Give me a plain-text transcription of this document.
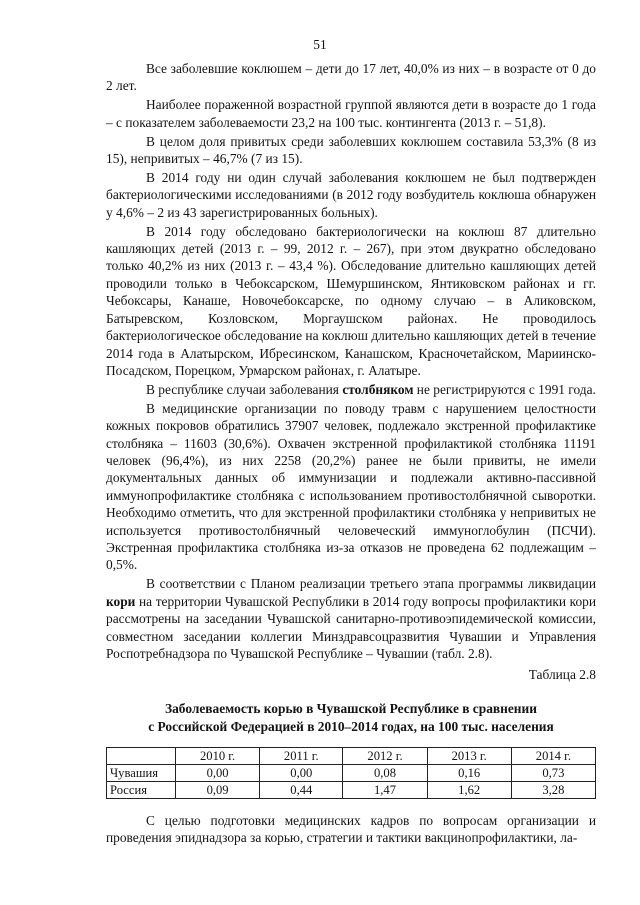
51

Все заболевшие коклюшем – дети до 17 лет, 40,0% из них – в возрасте от 0 до 2 лет.

Наиболее пораженной возрастной группой являются дети в возрасте до 1 года – с показателем заболеваемости 23,2 на 100 тыс. контингента (2013 г. – 51,8).

В целом доля привитых среди заболевших коклюшем составила 53,3% (8 из 15), непривитых – 46,7% (7 из 15).

В 2014 году ни один случай заболевания коклюшем не был подтвержден бактериологическими исследованиями (в 2012 году возбудитель коклюша обнаружен у 4,6% – 2 из 43 зарегистрированных больных).

В 2014 году обследовано бактериологически на коклюш 87 длительно кашляющих детей (2013 г. – 99, 2012 г. – 267), при этом двукратно обследовано только 40,2% из них (2013 г. – 43,4 %). Обследование длительно кашляющих детей проводили только в Чебоксарском, Шемуршинском, Янтиковском районах и гг. Чебоксары, Канаше, Новочебоксарске, по одному случаю – в Аликовском, Батыревском, Козловском, Моргаушском районах. Не проводилось бактериологическое обследование на коклюш длительно кашляющих детей в течение 2014 года в Алатырском, Ибресинском, Канашском, Красночетайском, Мариинско-Посадском, Порецком, Урмарском районах, г. Алатыре.

В республике случаи заболевания столбняком не регистрируются с 1991 года.

В медицинские организации по поводу травм с нарушением целостности кожных покровов обратились 37907 человек, подлежало экстренной профилактике столбняка – 11603 (30,6%). Охвачен экстренной профилактикой столбняка 11191 человек (96,4%), из них 2258 (20,2%) ранее не были привиты, не имели документальных данных об иммунизации и подлежали активно-пассивной иммунопрофилактике столбняка с использованием противостолбнячной сыворотки. Необходимо отметить, что для экстренной профилактики столбняка у непривитых не используется противостолбнячный человеческий иммуноглобулин (ПСЧИ). Экстренная профилактика столбняка из-за отказов не проведена 62 подлежащим – 0,5%.

В соответствии с Планом реализации третьего этапа программы ликвидации кори на территории Чувашской Республики в 2014 году вопросы профилактики кори рассмотрены на заседании Чувашской санитарно-противоэпидемической комиссии, совместном заседании коллегии Минздравсоцразвития Чувашии и Управления Роспотребнадзора по Чувашской Республике – Чувашии (табл. 2.8).

Таблица 2.8
Заболеваемость корью в Чувашской Республике в сравнении
с Российской Федерацией в 2010–2014 годах, на 100 тыс. населения
	2010 г.	2011 г.	2012 г.	2013 г.	2014 г.
Чувашия	0,00	0,00	0,08	0,16	0,73
Россия	0,09	0,44	1,47	1,62	3,28

С целью подготовки медицинских кадров по вопросам организации и проведения эпиднадзора за корью, стратегии и тактики вакцинопрофилактики, ла-
